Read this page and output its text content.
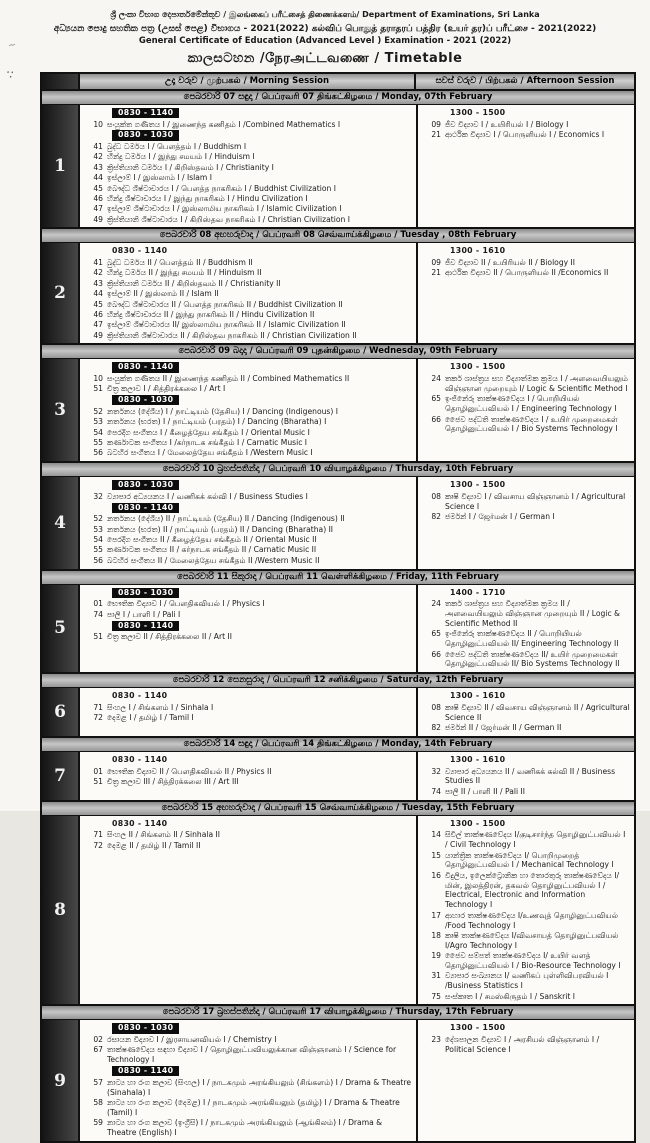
~
·:
ශ්‍රී ලංකා විභාග දෙපාර්තමේන්තුව / இலங்கைப் பரீட்சைத் திணைக்களம்/ Department of Examinations, Sri Lanka
අධ්‍යයන පොදු සහතික පත්‍ර (උසස් පෙළ) විභාගය - 2021(2022) கல்விப் பொதுத் தராதரப் பத்திர (உயர் தர)ப் பரீட்சை - 2021(2022)
General Certificate of Education (Advanced Level ) Examination - 2021 (2022)
කාලසටහන /நேரஅட்டவணை / Timetable
උදෑ වරුව / முற்பகல் / Morning Session	සවස් වරුව / பிற்பகல் / Afternoon Session
පෙබරවාරි 07 සඳුදා / பெப்ரவரி 07 திங்கட்கிழமை / Monday, 07th February
1
0830 - 1140
10 සංයුක්ත ගණිතය I / இணைந்த கணிதம் I /Combined Mathematics I
0830 - 1030
41 බුද්ධ ධර්මය I / பௌத்தம் I / Buddhism I
42 හින්දු ධර්මය I / இந்து சமயம் I / Hinduism I
43 ක්‍රිස්තියානි ධර්මය I / கிறிஸ்தவம் I / Christianity I
44 ඉස්ලාම් I / இஸ்லாம் I / Islam I
45 බෞද්ධ ශිෂ්ටාචාරය I / பௌத்த நாகரிகம் I / Buddhist Civilization I
46 හින්දු ශිෂ්ටාචාරය I / இந்து நாகரிகம் I / Hindu Civilization I
47 ඉස්ලාම් ශිෂ්ටාචාරය I / இஸ்லாமிய நாகரிகம் I / Islamic Civilization I
49 ක්‍රිස්තියානි ශිෂ්ටාචාරය I / கிறிஸ்தவ நாகரிகம் I / Christian Civilization I
1300 - 1500
09 ජීව විද්‍යාව I / உயிரியல் I / Biology I
21 ආර්ථික විද්‍යාව I / பொருளியல் I / Economics I
පෙබරවාරි 08 අඟහරුවාදා / பெப்ரவரி 08 செவ்வாய்க்கிழமை / Tuesday , 08th February
2
0830 - 1140
41 බුද්ධ ධර්මය II / பௌத்தம் II / Buddhism II
42 හින්දු ධර්මය II / இந்து சமயம் II / Hinduism II
43 ක්‍රිස්තියානි ධර්මය II / கிறிஸ்தவம் II / Christianity II
44 ඉස්ලාම් II / இஸ்லாம் II / Islam II
45 බෞද්ධ ශිෂ්ටාචාරය II / பௌத்த நாகரிகம் II / Buddhist Civilization II
46 හින්දු ශිෂ්ටාචාරය II / இந்து நாகரிகம் II / Hindu Civilization II
47 ඉස්ලාම් ශිෂ්ටාචාරය II/ இஸ்லாமிய நாகரிகம் II / Islamic Civilization II
49 ක්‍රිස්තියානි ශිෂ්ටාචාරය II / கிறிஸ்தவ நாகரிகம் II / Christian Civilization II
1300 - 1610
09 ජීව විද්‍යාව II / உயிரியல் II / Biology II
21 ආර්ථික විද්‍යාව II / பொருளியல் II /Economics II
පෙබරවාරි 09 බදාදා / பெப்ரவரி 09 புதன்கிழமை / Wednesday, 09th February
3
0830 - 1140
10 සංයුක්ත ගණිතය II / இணைந்த கணிதம் II / Combined Mathematics II
51 චිත්‍ර කලාව I / சித்திரக்கலை I / Art I
0830 - 1030
52 නර්තනය (දේශීය) I / நாட்டியம் (தேசிய) I / Dancing (Indigenous) I
53 නර්තනය (භරත) I / நாட்டியம் (பரதம்) I / Dancing (Bharatha) I
54 පෙරදිග සංගීතය I / கீழைத்தேய சங்கீதம் I / Oriental Music I
55 කර්ණාටක සංගීතය I /கர்நாடக சங்கீதம் I / Carnatic Music I
56 බටහිර සංගීතය I / மேலைத்தேய சங்கீதம் I /Western Music I
1300 - 1500
24 තර්ක ශාස්ත්‍රය සහ විද්‍යාත්මක ක්‍රමය I / அளவையியலும் விஞ்ஞான முறையும் I/ Logic & Scientific Method I
65 ඉංජිනේරු තාක්ෂණවේදය I / பொறியியல் தொழினுட்பவியல் I / Engineering Technology I
66 ජෛව පද්ධති තාක්ෂණවේදය I / உயிர் முறைமைகள் தொழினுட்பவியல் I / Bio Systems Technology I
පෙබරවාරි 10 බ්‍රහස්පතින්දා / பெப்ரவரி 10 வியாழக்கிழமை / Thursday, 10th February
4
0830 - 1030
32 ව්‍යාපාර අධ්‍යයනය I / வணிகக் கல்வி I / Business Studies I
0830 - 1140
52 නර්තනය (දේශීය) II / நாட்டியம் (தேசிய) II / Dancing (Indigenous) II
53 නර්තනය (භරත) II / நாட்டியம் (பரதம்) II / Dancing (Bharatha) II
54 පෙරදිග සංගීතය II / கீழைத்தேய சங்கீதம் II / Oriental Music II
55 කර්ණාටක සංගීතය II / கர்நாடக சங்கீதம் II / Carnatic Music II
56 බටහිර සංගීතය II / மேலைத்தேய சங்கீதம் II /Western Music II
1300 - 1500
08 කෘෂි විද්‍යාව I / விவசாய விஞ்ஞானம் I / Agricultural Science I
82 ජර්මන් I / ஜேர்மன் I / German I
පෙබරවාරි 11 සිකුරාදා / பெப்ரவரி 11 வெள்ளிக்கிழமை / Friday, 11th February
5
0830 - 1030
01 භෞතික විද්‍යාව I / பௌதிகவியல் I / Physics I
74 පාලි I / பாளி I / Pali I
0830 - 1140
51 චිත්‍ර කලාව II / சித்திரக்கலை II / Art II
1400 - 1710
24 තර්ක ශාස්ත්‍රය සහ විද්‍යාත්මක ක්‍රමය II / அளவையியலும் விஞ்ஞான முறையும் II / Logic & Scientific Method II
65 ඉංජිනේරු තාක්ෂණවේදය II / பொறியியல் தொழினுட்பவியல் II/ Engineering Technology II
66 ජෛව පද්ධති තාක්ෂණවේදය II/ உயிர் முறைமைகள் தொழினுட்பவியல் II/ Bio Systems Technology II
පෙබරවාරි 12 සෙනසුරාදා / பெப்ரவரி 12 சனிக்கிழமை / Saturday, 12th February
6
0830 - 1140
71 සිංහල I / சிங்களம் I / Sinhala I
72 දෙමළ I / தமிழ் I / Tamil I
1300 - 1610
08 කෘෂි විද්‍යාව II / விவசாய விஞ்ஞானம் II / Agricultural Science II
82 ජර්මන් II / ஜேர்மன் II / German II
පෙබරවාරි 14 සඳුදා / பெப்ரவரி 14 திங்கட்கிழமை / Monday, 14th February
7
0830 - 1140
01 භෞතික විද්‍යාව II / பௌதிகவியல் II / Physics II
51 චිත්‍ර කලාව III / சித்திரக்கலை III / Art III
1300 - 1610
32 ව්‍යාපාර අධ්‍යයනය II / வணிகக் கல்வி II / Business Studies II
74 පාලි II / பாளி II / Pali II
පෙබරවාරි 15 අඟහරුවාදා / பெப்ரவரி 15 செவ்வாய்க்கிழமை / Tuesday, 15th February
8
0830 - 1140
71 සිංහල II / சிங்களம் II / Sinhala II
72 දෙමළ II / தமிழ் II / Tamil II
1300 - 1500
14 සිවිල් තාක්ෂණවේදය I/குடிசார்ந்த தொழினுட்பவியல் I / Civil Technology I
15 යාන්ත්‍රික තාක්ෂණවේදය I/ பொறிமுறைத் தொழினுட்பவியல் I / Mechanical Technology I
16 විදුලිය, ඉලෙක්ට්‍රොනික හා තොරතුරු තාක්ෂණවේදය I/மின், இலத்திரன், தகவல் தொழினுட்பவியல் I / Electrical, Electronic and Information Technology I
17 ආහාර තාක්ෂණවේදය I/உணவுத் தொழினுட்பவியல் /Food Technology I
18 කෘෂි තාක්ෂණවේදය I/விவசாயத் தொழினுட்பவியல் I/Agro Technology I
19 ජෛව සම්පත් තාක්ෂණවේදය I/ உயிர் வளத் தொழினுட்பவியல் I / Bio-Resource Technology I
31 ව්‍යාපාර සංඛ්‍යානය I/ வணிகப் புள்ளிவிபரவியல் I /Business Statistics I
75 සංස්කෘත I / சமஸ்கிருதம் I / Sanskrit I
පෙබරවාරි 17 බ්‍රහස්පතින්දා / பெப்ரவரி 17 வியாழக்கிழமை / Thursday, 17th February
9
0830 - 1030
02 රසායන විද්‍යාව I / இரசாயனவியல் I / Chemistry I
67 තාක්ෂණවේදය සඳහා විද්‍යාව I / தொழினுட்பவியலுக்கான விஞ்ஞானம் I / Science for Technology I
0830 - 1140
57 නාට්‍ය හා රංග කලාව (සිංහල) I / நாடகமும் அரங்கியலும் (சிங்களம்) I / Drama & Theatre (Sinahala) I
58 නාට්‍ය හා රංග කලාව (දෙමළ) I / நாடகமும் அரங்கியலும் (தமிழ்) I / Drama & Theatre (Tamil) I
59 නාට්‍ය හා රංග කලාව (ඉංග්‍රීසි) I / நாடகமும் அரங்கியலும் (ஆங்கிலம்) I / Drama & Theatre (English) I
1300 - 1500
23 දේශපාලන විද්‍යාව I / அரசியல் விஞ்ஞானம் I / Political Science I
